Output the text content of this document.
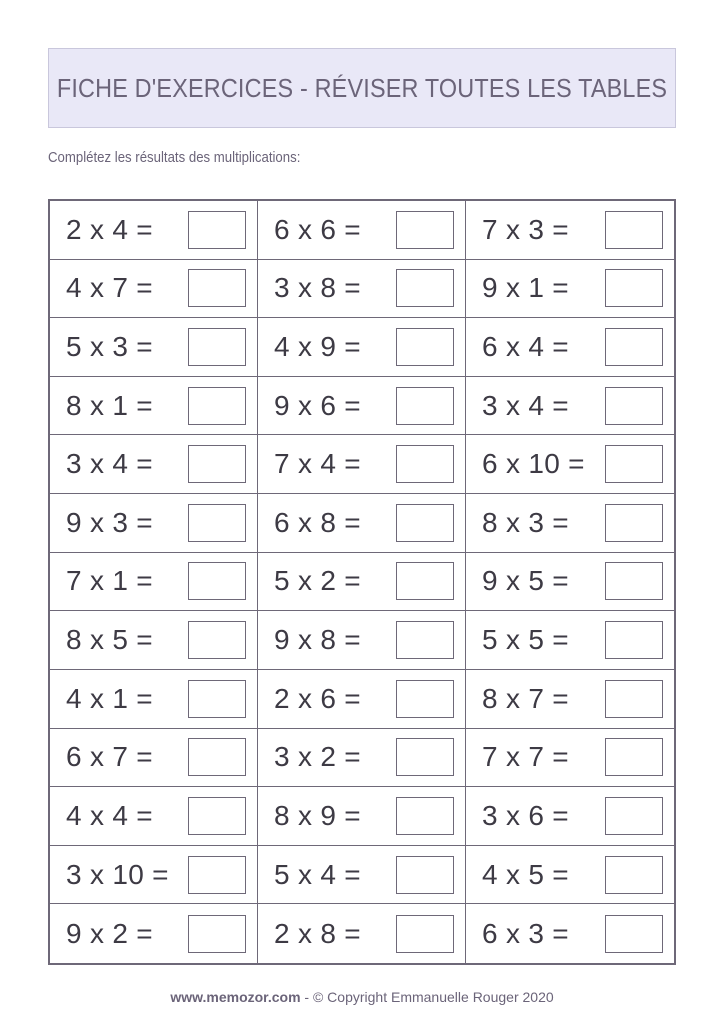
FICHE D'EXERCICES - RÉVISER TOUTES LES TABLES
Complétez les résultats des multiplications:
2 x 4 =	6 x 6 =	7 x 3 =
4 x 7 =	3 x 8 =	9 x 1 =
5 x 3 =	4 x 9 =	6 x 4 =
8 x 1 =	9 x 6 =	3 x 4 =
3 x 4 =	7 x 4 =	6 x 10 =
9 x 3 =	6 x 8 =	8 x 3 =
7 x 1 =	5 x 2 =	9 x 5 =
8 x 5 =	9 x 8 =	5 x 5 =
4 x 1 =	2 x 6 =	8 x 7 =
6 x 7 =	3 x 2 =	7 x 7 =
4 x 4 =	8 x 9 =	3 x 6 =
3 x 10 =	5 x 4 =	4 x 5 =
9 x 2 =	2 x 8 =	6 x 3 =
www.memozor.com - © Copyright Emmanuelle Rouger 2020
